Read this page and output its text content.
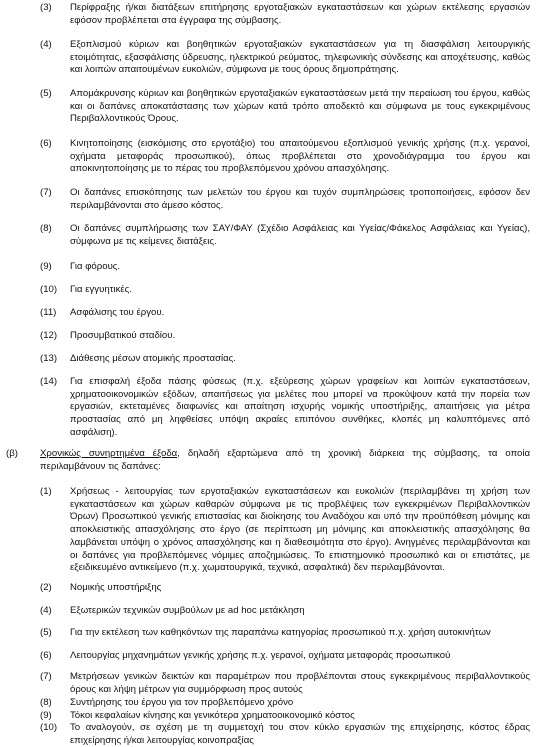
(3)	Περίφραξης ή/και διατάξεων επιτήρησης εργοταξιακών εγκαταστάσεων και χώρων εκτέλεσης εργασιών εφόσον προβλέπεται στα έγγραφα της σύμβασης.
(4)	Εξοπλισμού κύριων και βοηθητικών εργοταξιακών εγκαταστάσεων για τη διασφάλιση λειτουργικής ετοιμότητας, εξασφάλισης ύδρευσης, ηλεκτρικού ρεύματος, τηλεφωνικής σύνδεσης και αποχέτευσης, καθώς και λοιπών απαιτουμένων ευκολιών, σύμφωνα με τους όρους δημοπράτησης.
(5)	Απομάκρυνσης κύριων και βοηθητικών εργοταξιακών εγκαταστάσεων μετά την περαίωση του έργου, καθώς και οι δαπάνες αποκατάστασης των χώρων κατά τρόπο αποδεκτό και σύμφωνα με τους εγκεκριμένους Περιβαλλοντικούς Όρους.
(6)	Κινητοποίησης (εισκόμισης στο εργοτάξιο) του απαιτούμενου εξοπλισμού γενικής χρήσης (π.χ. γερανοί, οχήματα μεταφοράς προσωπικού), όπως προβλέπεται στο χρονοδιάγραμμα του έργου και αποκινητοποίησης με το πέρας του προβλεπόμενου χρόνου απασχόλησης.
(7)	Οι δαπάνες επισκόπησης των μελετών του έργου και τυχόν συμπληρώσεις τροποποιήσεις, εφόσον δεν περιλαμβάνονται στο άμεσο κόστος.
(8)	Οι δαπάνες συμπλήρωσης των ΣΑΥ/ΦΑΥ (Σχέδιο Ασφάλειας και Υγείας/Φάκελος Ασφάλειας και Υγείας), σύμφωνα με τις κείμενες διατάξεις.
(9)	Για φόρους.
(10)	Για εγγυητικές.
(11)	Ασφάλισης του έργου.
(12)	Προσυμβατικού σταδίου.
(13)	Διάθεσης μέσων ατομικής προστασίας.
(14)	Για επισφαλή έξοδα πάσης φύσεως (π.χ. εξεύρεσης χώρων γραφείων και λοιπών εγκαταστάσεων, χρηματοοικονομικών εξόδων, απαιτήσεως για μελέτες που μπορεί να προκύψουν κατά την πορεία των εργασιών, εκτεταμένες διαφωνίες και απαίτηση ισχυρής νομικής υποστήριξης, απαιτήσεις για μέτρα προστασίας από μη λ​ηφθείσες υπόψη ακραίες επιπόνου συνθήκες, κλοπές μη καλυπτόμενες από ασφάλιση).
(β) Χρονικώς συνηρτημένα έξοδα, δηλαδή εξαρτώμενα από τη χρονική διάρκεια της σύμβασης, τα οποία περιλαμβάνουν τις δαπάνες:
(1)	Χρήσεως - λειτουργίας των εργοταξιακών εγκαταστάσεων και ευκολιών (περιλαμβάνει τη χρήση των εγκαταστάσεων και χώρων καθαρών σύμφωνα με τις προβλέψεις των εγκεκριμένων Περιβαλλοντικών Όρων) Προσωπικού γενικής επιστασίας και διοίκησης του Αναδόχου και υπό την προϋπόθεση μόνιμης και αποκλειστικής απασχόλησης στο έργο (σε περίπτωση μη μόνιμης και αποκλειστικής απασχόλησης θα λαμβάνεται υπόψη ο χρόνος απασχόλησης και η διαθεσιμότητα στο έργο). Ανηγμένες περιλαμβάνονται και οι δαπάνες για προβλεπόμενες νόμιμες αποζημιώσεις. Το επιστημονικό προσωπικό και οι επιστάτες, με εξειδικευμένο αντικείμενο (π.χ. χωματουργικά, τεχνικά, ασφαλτικά) δεν περιλαμβάνονται.
(2)	Νομικής υποστήριξης
(4)	Εξωτερικών τεχνικών συμβούλων με ad hoc μετάκληση
(5)	Για την εκτέλεση των καθηκόντων της παραπάνω κατηγορίας προσωπικού π.χ. χρήση αυτοκινήτων
(6)	Λειτουργίας μηχανημάτων γενικής χρήσης π.χ. γερανοί, οχήματα μεταφοράς προσωπικού
(7)	Μετρήσεων γενικών δεικτών και παραμέτρων που προβλέπονται στους εγκεκριμένους περιβαλλοντικούς όρους και λήψη μέτρων για συμμόρφωση προς αυτούς
(8)	Συντήρησης του έργου για τον προβλεπόμενο χρόνο
(9)	Τόκοι κεφαλαίων κίνησης και γενικότερα χρηματοοικονομικό κόστος
(10)	Το αναλογούν, σε σχέση με τη συμμετοχή του στον κύκλο εργασιών της επιχείρησης, κόστος έδρας επιχείρησης ή/και λειτουργίας κοινοπραξίας
